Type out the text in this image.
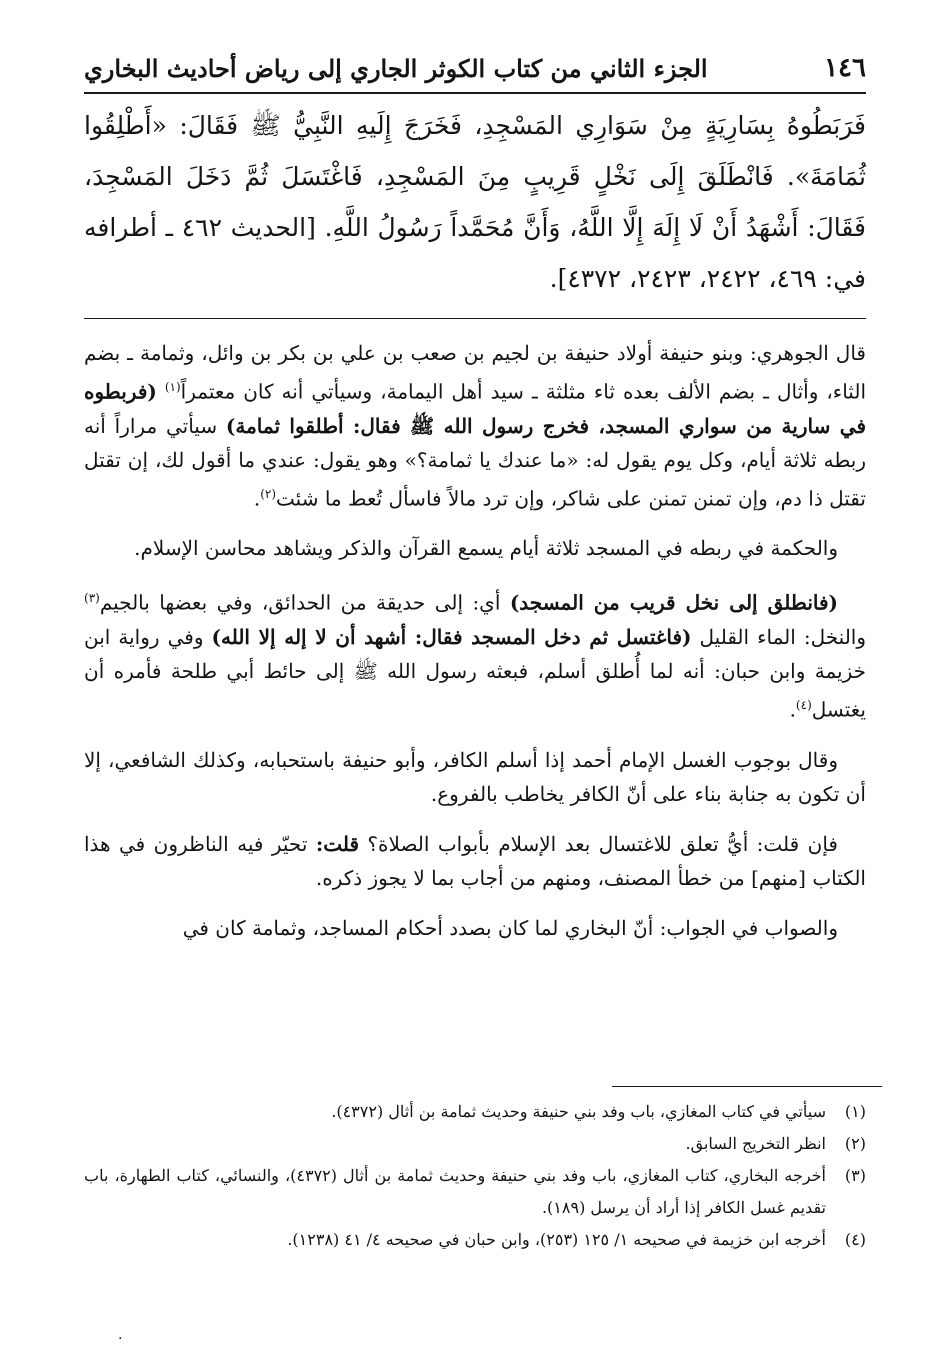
١٤٦
الجزء الثاني من كتاب الكوثر الجاري إلى رياض أحاديث البخاري
فَرَبَطُوهُ بِسَارِيَةٍ مِنْ سَوَارِي المَسْجِدِ، فَخَرَجَ إِلَيهِ النَّبِيُّ ﷺ فَقَالَ: «أَطْلِقُوا ثُمَامَةَ». فَانْطَلَقَ إِلَى نَخْلٍ قَرِيبٍ مِنَ المَسْجِدِ، فَاغْتَسَلَ ثُمَّ دَخَلَ المَسْجِدَ، فَقَالَ: أَشْهَدُ أَنْ لَا إِلَهَ إِلَّا اللَّهُ، وَأَنَّ مُحَمَّداً رَسُولُ اللَّهِ. [الحديث ٤٦٢ ـ أطرافه في: ٤٦٩، ٢٤٢٢، ٢٤٢٣، ٤٣٧٢].

قال الجوهري: وبنو حنيفة أولاد حنيفة بن لجيم بن صعب بن علي بن بكر بن وائل، وثمامة ـ بضم الثاء، وأثال ـ بضم الألف بعده ثاء مثلثة ـ سيد أهل اليمامة، وسيأتي أنه كان معتمراً$^{(١)}$ (فربطوه في سارية من سواري المسجد، فخرج رسول الله ﷺ فقال: أطلقوا ثمامة) سيأتي مراراً أنه ربطه ثلاثة أيام، وكل يوم يقول له: «ما عندك يا ثمامة؟» وهو يقول: عندي ما أقول لك، إن تقتل تقتل ذا دم، وإن تمنن تمنن على شاكر، وإن ترد مالاً فاسأل تُعط ما شئت$^{(٢)}$.

والحكمة في ربطه في المسجد ثلاثة أيام يسمع القرآن والذكر ويشاهد محاسن الإسلام.

(فانطلق إلى نخل قريب من المسجد) أي: إلى حديقة من الحدائق، وفي بعضها بالجيم$^{(٣)}$ والنخل: الماء القليل (فاغتسل ثم دخل المسجد فقال: أشهد أن لا إله إلا الله) وفي رواية ابن خزيمة وابن حبان: أنه لما أُطلق أسلم، فبعثه رسول الله ﷺ إلى حائط أبي طلحة فأمره أن يغتسل$^{(٤)}$.

وقال بوجوب الغسل الإمام أحمد إذا أسلم الكافر، وأبو حنيفة باستحبابه، وكذلك الشافعي، إلا أن تكون به جنابة بناء على أنّ الكافر يخاطب بالفروع.

فإن قلت: أيُّ تعلق للاغتسال بعد الإسلام بأبواب الصلاة؟ قلت: تحيّر فيه الناظرون في هذا الكتاب [منهم] من خطأ المصنف، ومنهم من أجاب بما لا يجوز ذكره.

والصواب في الجواب: أنّ البخاري لما كان بصدد أحكام المساجد، وثمامة كان في

(١)
سيأتي في كتاب المغازي، باب وفد بني حنيفة وحديث ثمامة بن أثال (٤٣٧٢).
(٢)
انظر التخريج السابق.
(٣)
أخرجه البخاري، كتاب المغازي، باب وفد بني حنيفة وحديث ثمامة بن أثال (٤٣٧٢)، والنسائي، كتاب الطهارة، باب تقديم غسل الكافر إذا أراد أن يرسل (١٨٩).
(٤)
أخرجه ابن خزيمة في صحيحه ١/ ١٢٥ (٢٥٣)، وابن حبان في صحيحه ٤/ ٤١ (١٢٣٨).
.
